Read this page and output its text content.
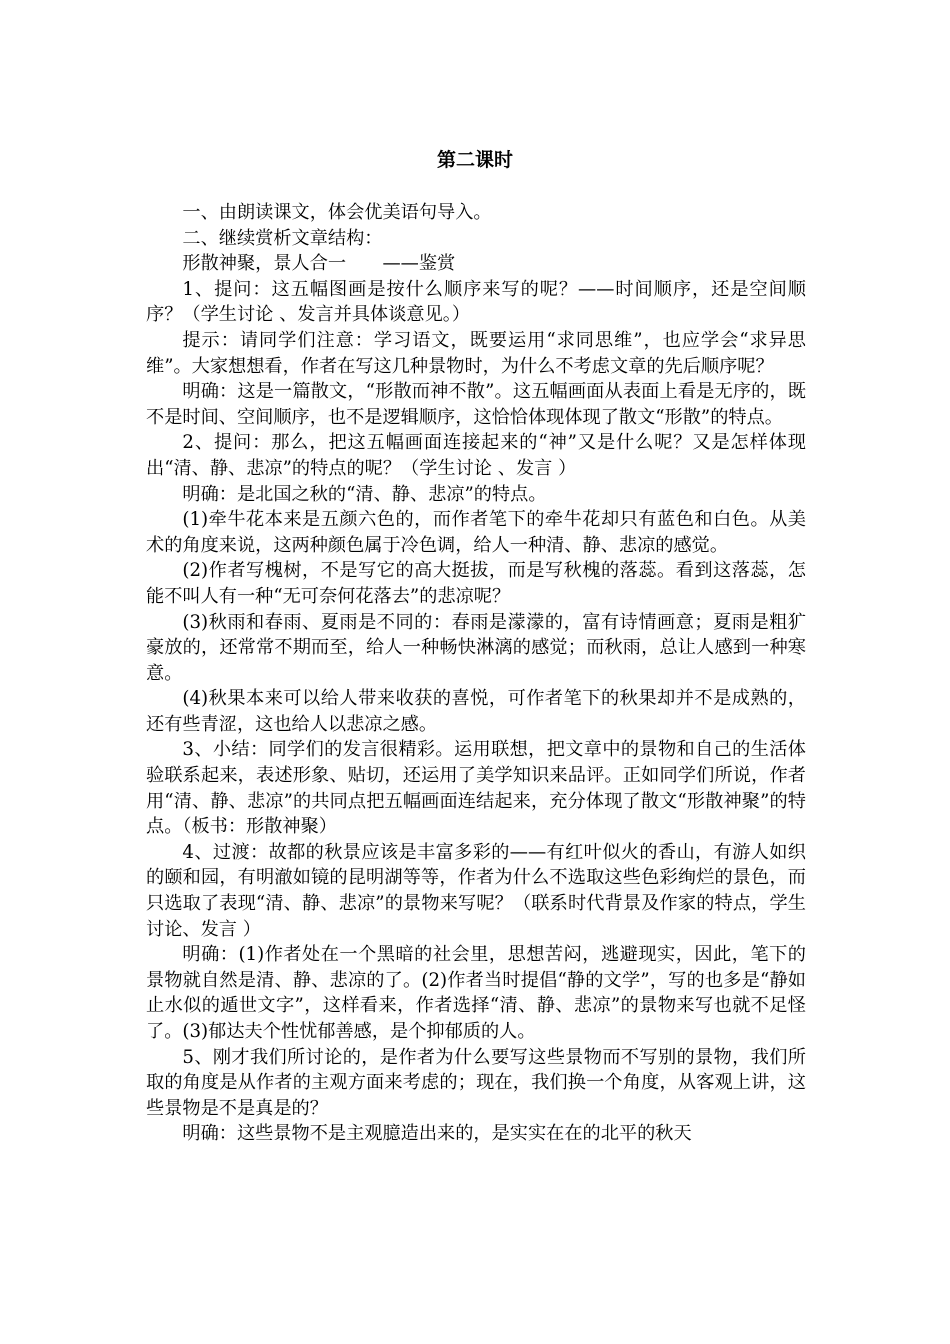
第二课时

一、由朗读课文，体会优美语句导入。

二、继续赏析文章结构：

形散神聚，景人合一　　——鉴赏

1、提问：这五幅图画是按什么顺序来写的呢？——时间顺序，还是空间顺序？（学生讨论 、发言并具体谈意见。）

提示：请同学们注意：学习语文，既要运用“求同思维”，也应学会“求异思维”。大家想想看，作者在写这几种景物时，为什么不考虑文章的先后顺序呢？

明确：这是一篇散文，“形散而神不散”。这五幅画面从表面上看是无序的，既不是时间、空间顺序，也不是逻辑顺序，这恰恰体现体现了散文“形散”的特点。

2、提问：那么，把这五幅画面连接起来的“神”又是什么呢？又是怎样体现出“清、静、悲凉”的特点的呢？（学生讨论 、发言 ）

明确：是北国之秋的“清、静、悲凉”的特点。

(1)牵牛花本来是五颜六色的，而作者笔下的牵牛花却只有蓝色和白色。从美术的角度来说，这两种颜色属于冷色调，给人一种清、静、悲凉的感觉。

(2)作者写槐树，不是写它的高大挺拔，而是写秋槐的落蕊。看到这落蕊，怎能不叫人有一种“无可奈何花落去”的悲凉呢？

(3)秋雨和春雨、夏雨是不同的：春雨是濛濛的，富有诗情画意；夏雨是粗犷豪放的，还常常不期而至，给人一种畅快淋漓的感觉；而秋雨，总让人感到一种寒意。

(4)秋果本来可以给人带来收获的喜悦，可作者笔下的秋果却并不是成熟的，还有些青涩，这也给人以悲凉之感。

3、小结：同学们的发言很精彩。运用联想，把文章中的景物和自己的生活体验联系起来，表述形象、贴切，还运用了美学知识来品评。正如同学们所说，作者用“清、静、悲凉”的共同点把五幅画面连结起来，充分体现了散文“形散神聚”的特点。（板书：形散神聚）

4、过渡：故都的秋景应该是丰富多彩的——有红叶似火的香山，有游人如织的颐和园，有明澈如镜的昆明湖等等，作者为什么不选取这些色彩绚烂的景色，而只选取了表现“清、静、悲凉”的景物来写呢？（联系时代背景及作家的特点，学生讨论、发言 ）

明确：(1)作者处在一个黑暗的社会里，思想苦闷，逃避现实，因此，笔下的景物就自然是清、静、悲凉的了。(2)作者当时提倡“静的文学”，写的也多是“静如止水似的遁世文字”，这样看来，作者选择“清、静、悲凉”的景物来写也就不足怪了。(3)郁达夫个性忧郁善感，是个抑郁质的人。

5、刚才我们所讨论的，是作者为什么要写这些景物而不写别的景物，我们所取的角度是从作者的主观方面来考虑的；现在，我们换一个角度，从客观上讲，这些景物是不是真是的？

明确：这些景物不是主观臆造出来的，是实实在在的北平的秋天
